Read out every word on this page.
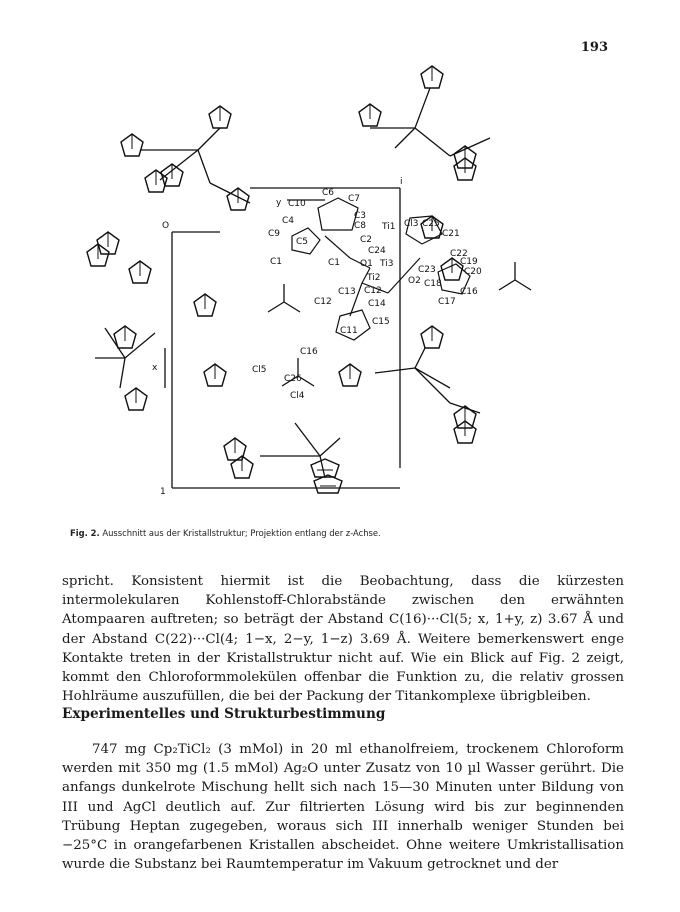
193
y C10
C6
C7
C4
C9
C8
C3
C5	C2
C24
C1	C1 O1
Ti1
Ti3
Ti2	O2
C13 C12
C14
C12
C11
C15
Cl3 C25
C21
C22
C19
C23	C20
C18
C16
C17
C16
Cl5
C26
Cl4
O
1
x
i
Fig. 2. Ausschnitt aus der Kristallstruktur; Projektion entlang der z-Achse.

spricht. Konsistent hiermit ist die Beobachtung, dass die kürzesten intermolekularen Kohlenstoff-Chlorabstände zwischen den erwähnten Atompaaren auftreten; so beträgt der Abstand C(16)···Cl(5; x, 1+y, z) 3.67 Å und der Abstand C(22)···Cl(4; 1−x, 2−y, 1−z) 3.69 Å. Weitere bemerkenswert enge Kontakte treten in der Kristallstruktur nicht auf. Wie ein Blick auf Fig. 2 zeigt, kommt den Chloroformmolekülen offenbar die Funktion zu, die relativ grossen Hohlräume auszufüllen, die bei der Packung der Titankomplexe übrigbleiben.

Experimentelles und Strukturbestimmung

747 mg Cp₂TiCl₂ (3 mMol) in 20 ml ethanolfreiem, trockenem Chloroform werden mit 350 mg (1.5 mMol) Ag₂O unter Zusatz von 10 µl Wasser gerührt. Die anfangs dunkelrote Mischung hellt sich nach 15—30 Minuten unter Bildung von III und AgCl deutlich auf. Zur filtrierten Lösung wird bis zur beginnenden Trübung Heptan zugegeben, woraus sich III innerhalb weniger Stunden bei −25°C in orangefarbenen Kristallen abscheidet. Ohne weitere Umkristallisation wurde die Substanz bei Raumtemperatur im Vakuum getrocknet und der
